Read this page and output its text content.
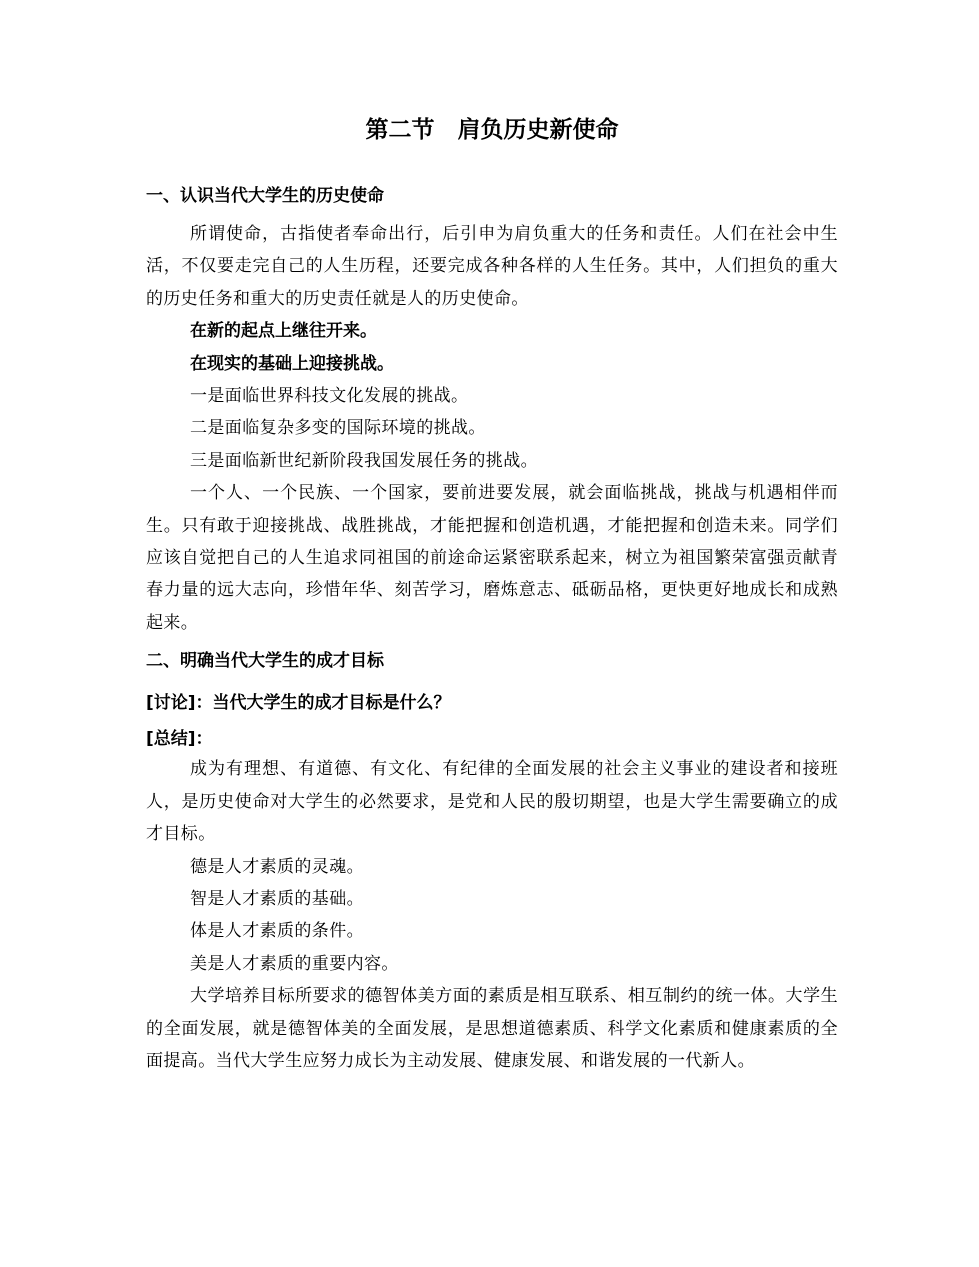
第二节　肩负历史新使命
一、认识当代大学生的历史使命

所谓使命，古指使者奉命出行，后引申为肩负重大的任务和责任。人们在社会中生活，不仅要走完自己的人生历程，还要完成各种各样的人生任务。其中，人们担负的重大的历史任务和重大的历史责任就是人的历史使命。

在新的起点上继往开来。

在现实的基础上迎接挑战。

一是面临世界科技文化发展的挑战。

二是面临复杂多变的国际环境的挑战。

三是面临新世纪新阶段我国发展任务的挑战。

一个人、一个民族、一个国家，要前进要发展，就会面临挑战，挑战与机遇相伴而生。只有敢于迎接挑战、战胜挑战，才能把握和创造机遇，才能把握和创造未来。同学们应该自觉把自己的人生追求同祖国的前途命运紧密联系起来，树立为祖国繁荣富强贡献青春力量的远大志向，珍惜年华、刻苦学习，磨炼意志、砥砺品格，更快更好地成长和成熟起来。

二、明确当代大学生的成才目标

[讨论]：当代大学生的成才目标是什么？

[总结]：

成为有理想、有道德、有文化、有纪律的全面发展的社会主义事业的建设者和接班人，是历史使命对大学生的必然要求，是党和人民的殷切期望，也是大学生需要确立的成才目标。

德是人才素质的灵魂。

智是人才素质的基础。

体是人才素质的条件。

美是人才素质的重要内容。

大学培养目标所要求的德智体美方面的素质是相互联系、相互制约的统一体。大学生的全面发展，就是德智体美的全面发展，是思想道德素质、科学文化素质和健康素质的全面提高。当代大学生应努力成长为主动发展、健康发展、和谐发展的一代新人。
